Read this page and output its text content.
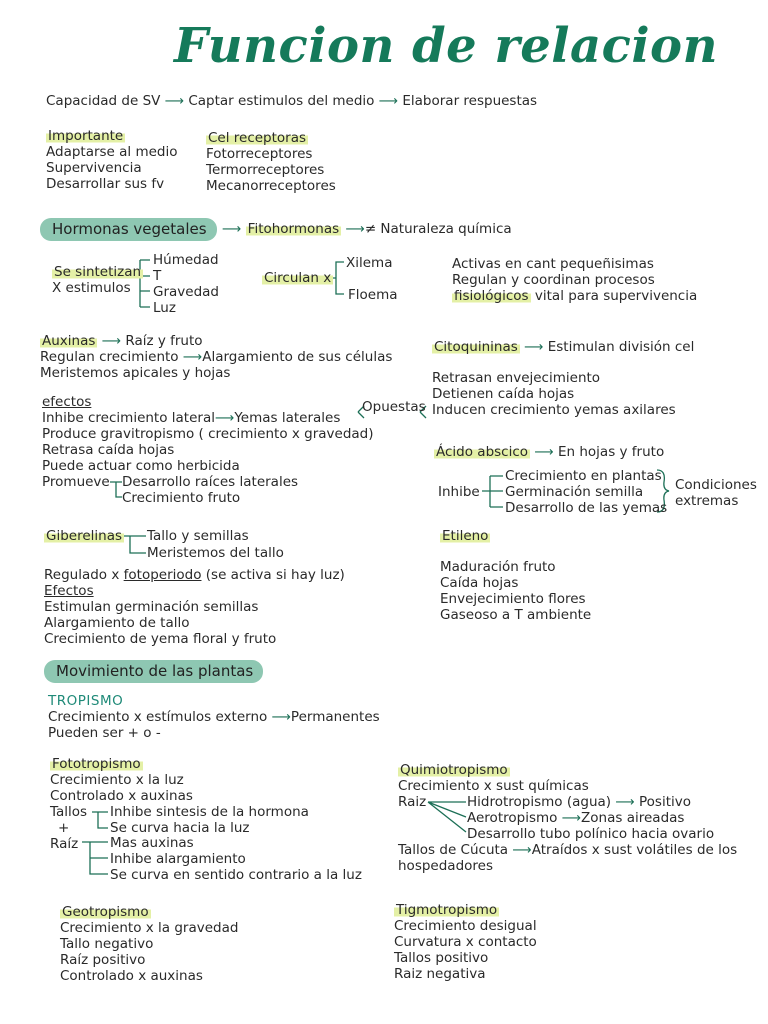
Funcion de relacion
Capacidad de SV ⟶ Captar estimulos del medio ⟶ Elaborar respuestas
Importante
Adaptarse al medio
Supervivencia
Desarrollar sus fv
Cel receptoras
Fotorreceptores
Termorreceptores
Mecanorreceptores
Hormonas vegetales	⟶ Fitohormonas ⟶≠ Naturaleza química
Se sintetizan
X estimulos
Húmedad
T
Gravedad
Luz
Circulan x
Xilema
Floema
Activas en cant pequeñisimas
Regulan y coordinan procesos
fisiológicos vital para supervivencia
Auxinas ⟶ Raíz y fruto
Regulan crecimiento ⟶Alargamiento de sus células
Meristemos apicales y hojas
efectos
Inhibe crecimiento lateral⟶Yemas laterales
Produce gravitropismo ( crecimiento x gravedad)
Retrasa caída hojas
Puede actuar como herbicida
Promueve Desarrollo raíces laterales
Crecimiento fruto
Opuestas
Citoquininas ⟶ Estimulan división cel
Retrasan envejecimiento
Detienen caída hojas
Inducen crecimiento yemas axilares
Ácido abscico ⟶ En hojas y fruto
Inhibe
Crecimiento en plantas
Germinación semilla
Desarrollo de las yemas
Condiciones
extremas
Giberelinas Tallo y semillas
Meristemos del tallo
Regulado x fotoperiodo (se activa si hay luz)
Efectos
Estimulan germinación semillas
Alargamiento de tallo
Crecimiento de yema floral y fruto
Etileno
Maduración fruto
Caída hojas
Envejecimiento flores
Gaseoso a T ambiente
Movimiento de las plantas
TROPISMO
Crecimiento x estímulos externo ⟶Permanentes
Pueden ser + o -
Fototropismo
Crecimiento x la luz
Controlado x auxinas
Tallos
+
Raíz
Inhibe sintesis de la hormona
Se curva hacia la luz
Mas auxinas
Inhibe alargamiento
Se curva en sentido contrario a la luz
Quimiotropismo
Crecimiento x sust químicas
Raiz	Hidrotropismo (agua) ⟶ Positivo
Aerotropismo ⟶Zonas aireadas
Desarrollo tubo polínico hacia ovario
Tallos de Cúcuta ⟶Atraídos x sust volátiles de los
hospedadores
Geotropismo
Crecimiento x la gravedad
Tallo negativo
Raíz positivo
Controlado x auxinas
Tigmotropismo
Crecimiento desigual
Curvatura x contacto
Tallos positivo
Raiz negativa
